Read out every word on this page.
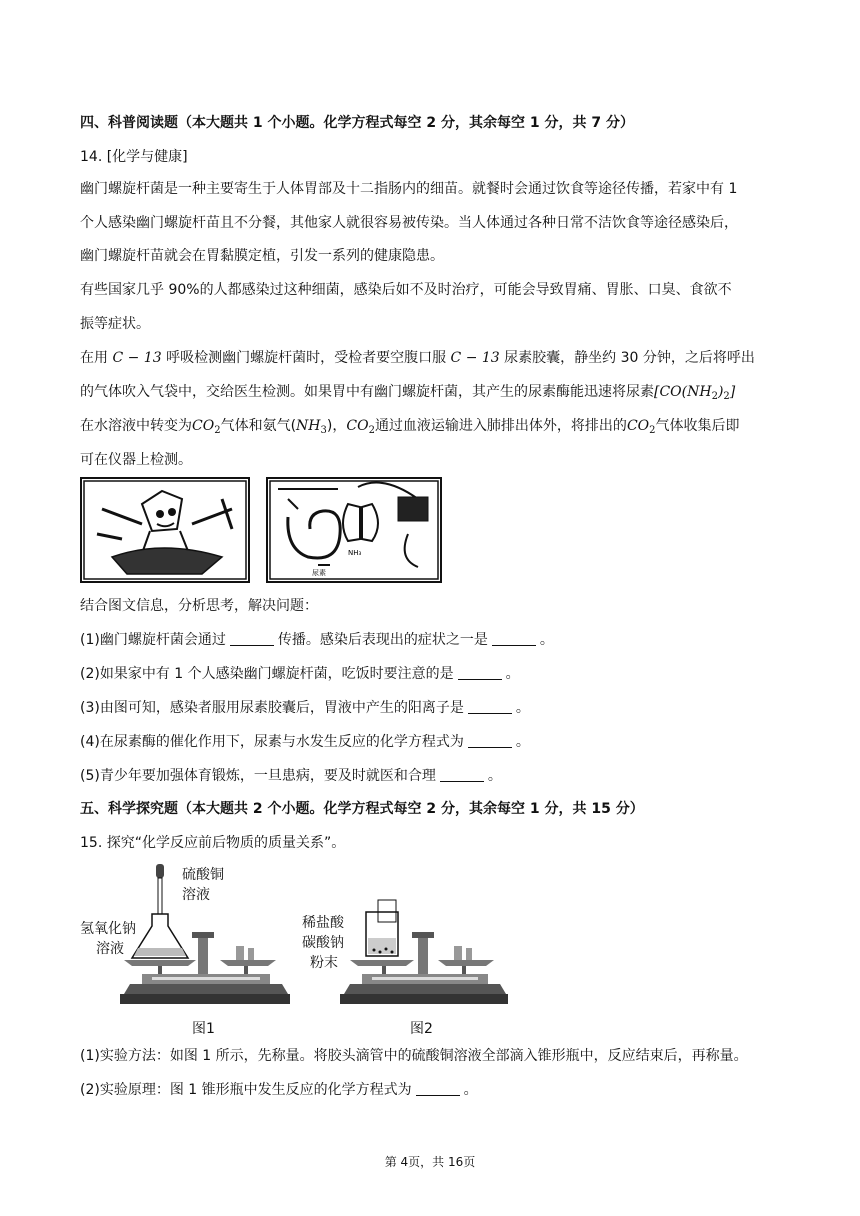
四、科普阅读题（本大题共 1 个小题。化学方程式每空 2 分，其余每空 1 分，共 7 分）
14. [化学与健康]
幽门螺旋杆菌是一种主要寄生于人体胃部及十二指肠内的细苗。就餐时会通过饮食等途径传播，若家中有 1
个人感染幽门螺旋杆苗且不分餐，其他家人就很容易被传染。当人体通过各种日常不洁饮食等途径感染后，
幽门螺旋杆苗就会在胃黏膜定植，引发一系列的健康隐患。
有些国家几乎 90%的人都感染过这种细菌，感染后如不及时治疗，可能会导致胃痛、胃胀、口臭、食欲不
振等症状。
在用 C − 13 呼吸检测幽门螺旋杆菌时，受检者要空腹口服 C − 13 尿素胶囊，静坐约 30 分钟，之后将呼出
的气体吹入气袋中，交给医生检测。如果胃中有幽门螺旋杆菌，其产生的尿素酶能迅速将尿素$[CO(NH_2)_2]$
在水溶液中转变为$CO_2$气体和氨气$(NH_3)$，$CO_2$通过血液运输进入肺排出体外，将排出的$CO_2$气体收集后即
可在仪器上检测。
尿素
NH₃
结合图文信息，分析思考，解决问题：
(1)幽门螺旋杆菌会通过	传播。感染后表现出的症状之一是	。
(2)如果家中有 1 个人感染幽门螺旋杆菌，吃饭时要注意的是	。
(3)由图可知，感染者服用尿素胶囊后，胃液中产生的阳离子是	。
(4)在尿素酶的催化作用下，尿素与水发生反应的化学方程式为	。
(5)青少年要加强体育锻炼，一旦患病，要及时就医和合理	。
五、科学探究题（本大题共 2 个小题。化学方程式每空 2 分，其余每空 1 分，共 15 分）
15. 探究“化学反应前后物质的质量关系”。
硫酸铜
溶液
氢氧化钠
溶液
图1
稀盐酸
碳酸钠
粉末
图2
(1)实验方法：如图 1 所示，先称量。将胶头滴管中的硫酸铜溶液全部滴入锥形瓶中，反应结束后，再称量。
(2)实验原理：图 1 锥形瓶中发生反应的化学方程式为	。
第 4页，共 16页
